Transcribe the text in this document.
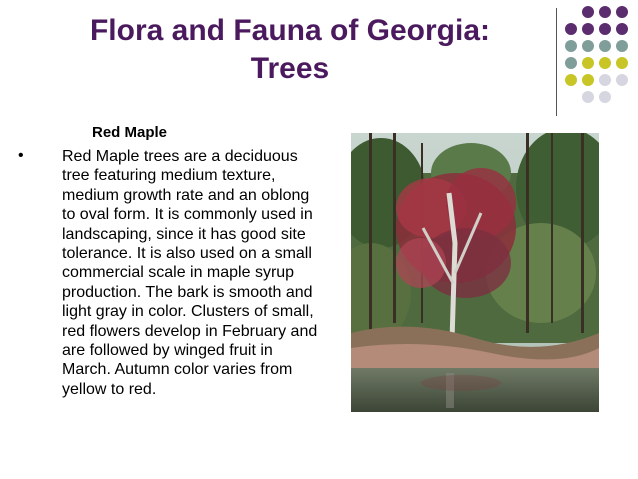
Flora and Fauna of Georgia:
Trees
Red Maple
• Red Maple trees are a deciduous tree featuring medium texture, medium growth rate and an oblong to oval form. It is commonly used in landscaping, since it has good site tolerance. It is also used on a small commercial scale in maple syrup production. The bark is smooth and light gray in color. Clusters of small, red flowers develop in February and are followed by winged fruit in March. Autumn color varies from yellow to red.
